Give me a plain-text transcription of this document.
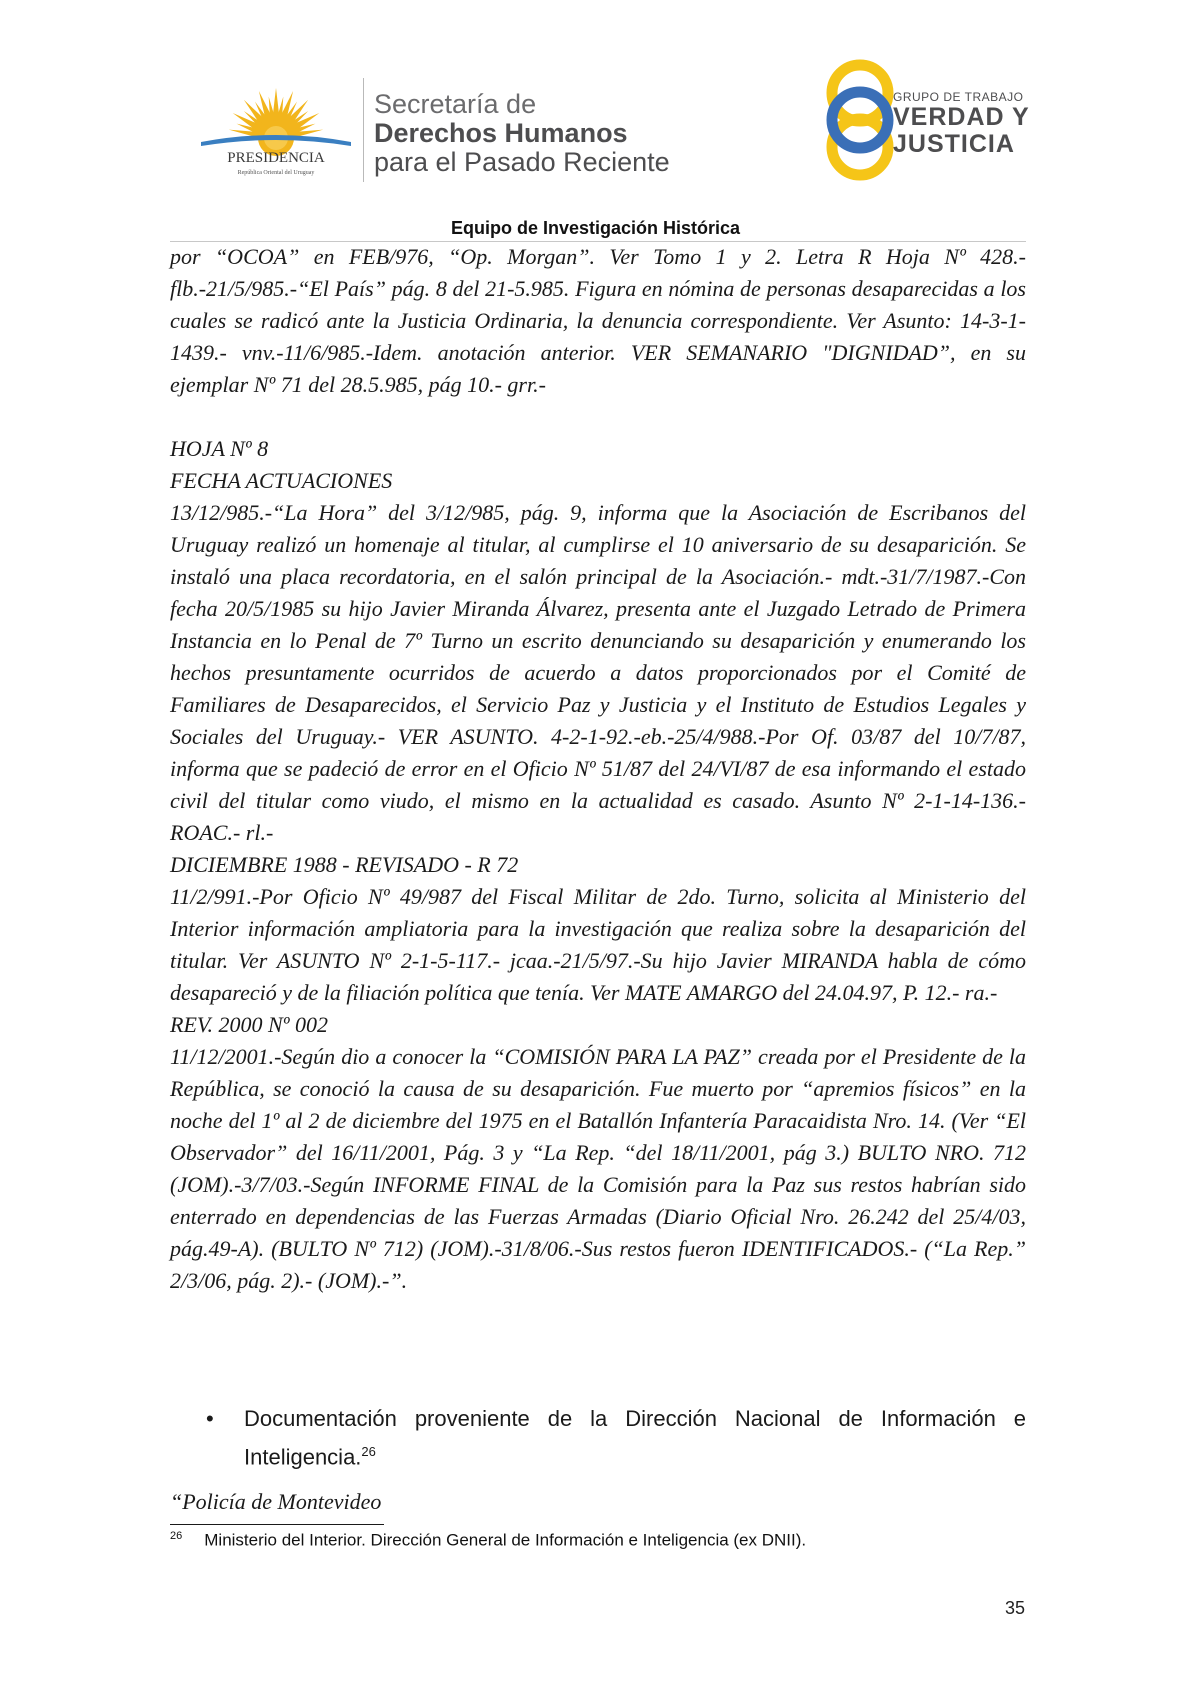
PRESIDENCIA
República Oriental del Uruguay
Secretaría de
Derechos Humanos
para el Pasado Reciente
GRUPO DE TRABAJO
VERDAD Y
JUSTICIA
Equipo de Investigación Histórica

por “OCOA” en FEB/976, “Op. Morgan”. Ver Tomo 1 y 2. Letra R Hoja Nº 428.- flb.-21/5/985.-“El País” pág. 8 del 21-5.985. Figura en nómina de personas desaparecidas a los cuales se radicó ante la Justicia Ordinaria, la denuncia correspondiente. Ver Asunto: 14-3-1-1439.- vnv.-11/6/985.-Idem. anotación anterior. VER SEMANARIO "DIGNIDAD”, en su ejemplar Nº 71 del 28.5.985, pág 10.- grr.-

HOJA Nº 8

FECHA ACTUACIONES

13/12/985.-“La Hora” del 3/12/985, pág. 9, informa que la Asociación de Escribanos del Uruguay realizó un homenaje al titular, al cumplirse el 10 aniversario de su desaparición. Se instaló una placa recordatoria, en el salón principal de la Asociación.- mdt.-31/7/1987.-Con fecha 20/5/1985 su hijo Javier Miranda Álvarez, presenta ante el Juzgado Letrado de Primera Instancia en lo Penal de 7º Turno un escrito denunciando su desaparición y enumerando los hechos presuntamente ocurridos de acuerdo a datos proporcionados por el Comité de Familiares de Desaparecidos, el Servicio Paz y Justicia y el Instituto de Estudios Legales y Sociales del Uruguay.- VER ASUNTO. 4-2-1-92.-eb.-25/4/988.-Por Of. 03/87 del 10/7/87, informa que se padeció de error en el Oficio Nº 51/87 del 24/VI/87 de esa informando el estado civil del titular como viudo, el mismo en la actualidad es casado. Asunto Nº 2-1-14-136.- ROAC.- rl.-

DICIEMBRE 1988 - REVISADO - R 72

11/2/991.-Por Oficio Nº 49/987 del Fiscal Militar de 2do. Turno, solicita al Ministerio del Interior información ampliatoria para la investigación que realiza sobre la desaparición del titular. Ver ASUNTO Nº 2-1-5-117.- jcaa.-21/5/97.-Su hijo Javier MIRANDA habla de cómo desapareció y de la filiación política que tenía. Ver MATE AMARGO del 24.04.97, P. 12.- ra.-

REV. 2000 Nº 002

11/12/2001.-Según dio a conocer la “COMISIÓN PARA LA PAZ” creada por el Presidente de la República, se conoció la causa de su desaparición. Fue muerto por “apremios físicos” en la noche del 1º al 2 de diciembre del 1975 en el Batallón Infantería Paracaidista Nro. 14. (Ver “El Observador” del 16/11/2001, Pág. 3 y “La Rep. “del 18/11/2001, pág 3.) BULTO NRO. 712 (JOM).-3/7/03.-Según INFORME FINAL de la Comisión para la Paz sus restos habrían sido enterrado en dependencias de las Fuerzas Armadas (Diario Oficial Nro. 26.242 del 25/4/03, pág.49-A). (BULTO Nº 712) (JOM).-31/8/06.-Sus restos fueron IDENTIFICADOS.- (“La Rep.” 2/3/06, pág. 2).- (JOM).-”.

• Documentación proveniente de la Dirección Nacional de Información e Inteligencia.$^{26}$
“Policía de Montevideo
$^{26}$ Ministerio del Interior. Dirección General de Información e Inteligencia (ex DNII).
35
